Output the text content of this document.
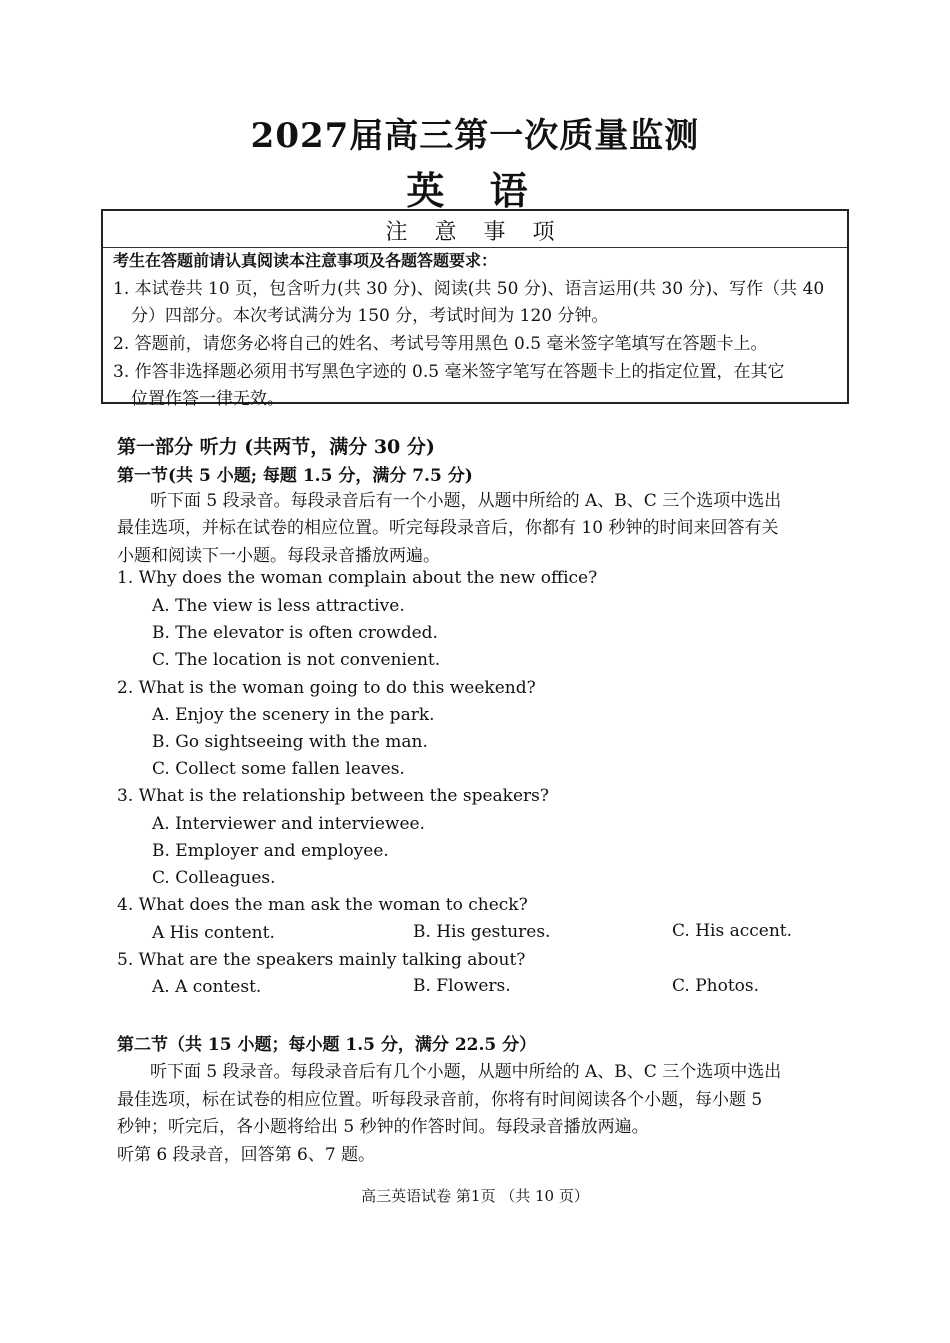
2027届高三第一次质量监测
英 语
注 意 事 项
考生在答题前请认真阅读本注意事项及各题答题要求：
1. 本试卷共 10 页，包含听力(共 30 分)、阅读(共 50 分)、语言运用(共 30 分)、写作（共 40
分）四部分。本次考试满分为 150 分，考试时间为 120 分钟。
2. 答题前，请您务必将自己的姓名、考试号等用黑色 0.5 毫米签字笔填写在答题卡上。
3. 作答非选择题必须用书写黑色字迹的 0.5 毫米签字笔写在答题卡上的指定位置，在其它
位置作答一律无效。
第一部分 听力 (共两节，满分 30 分)
第一节(共 5 小题; 每题 1.5 分，满分 7.5 分)
听下面 5 段录音。每段录音后有一个小题，从题中所给的 A、B、C 三个选项中选出
最佳选项，并标在试卷的相应位置。听完每段录音后，你都有 10 秒钟的时间来回答有关
小题和阅读下一小题。每段录音播放两遍。
1. Why does the woman complain about the new office?
A. The view is less attractive.
B. The elevator is often crowded.
C. The location is not convenient.
2. What is the woman going to do this weekend?
A. Enjoy the scenery in the park.
B. Go sightseeing with the man.
C. Collect some fallen leaves.
3. What is the relationship between the speakers?
A. Interviewer and interviewee.
B. Employer and employee.
C. Colleagues.
4. What does the man ask the woman to check?
A His content.	B. His gestures.	C. His accent.
5. What are the speakers mainly talking about?
A. A contest.	B. Flowers.	C. Photos.
第二节（共 15 小题；每小题 1.5 分，满分 22.5 分）
听下面 5 段录音。每段录音后有几个小题，从题中所给的 A、B、C 三个选项中选出
最佳选项，标在试卷的相应位置。听每段录音前，你将有时间阅读各个小题，每小题 5
秒钟；听完后，各小题将给出 5 秒钟的作答时间。每段录音播放两遍。
听第 6 段录音，回答第 6、7 题。
高三英语试卷 第1页 （共 10 页）
